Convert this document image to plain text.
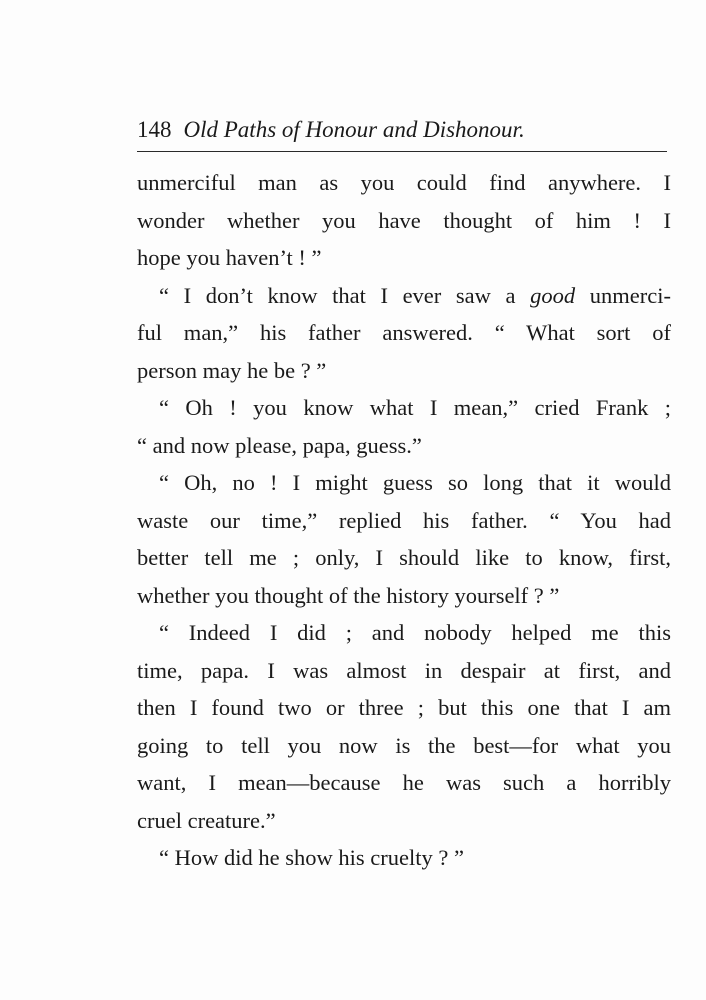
148 Old Paths of Honour and Dishonour.
unmerciful man as you could find anywhere. I
wonder whether you have thought of him ! I
hope you haven’t ! ”
“ I don’t know that I ever saw a good unmerci-
ful man,” his father answered. “ What sort of
person may he be ? ”
“ Oh ! you know what I mean,” cried Frank ;
“ and now please, papa, guess.”
“ Oh, no ! I might guess so long that it would
waste our time,” replied his father. “ You had
better tell me ; only, I should like to know, first,
whether you thought of the history yourself ? ”
“ Indeed I did ; and nobody helped me this
time, papa. I was almost in despair at first, and
then I found two or three ; but this one that I am
going to tell you now is the best—for what you
want, I mean—because he was such a horribly
cruel creature.”
“ How did he show his cruelty ? ”
